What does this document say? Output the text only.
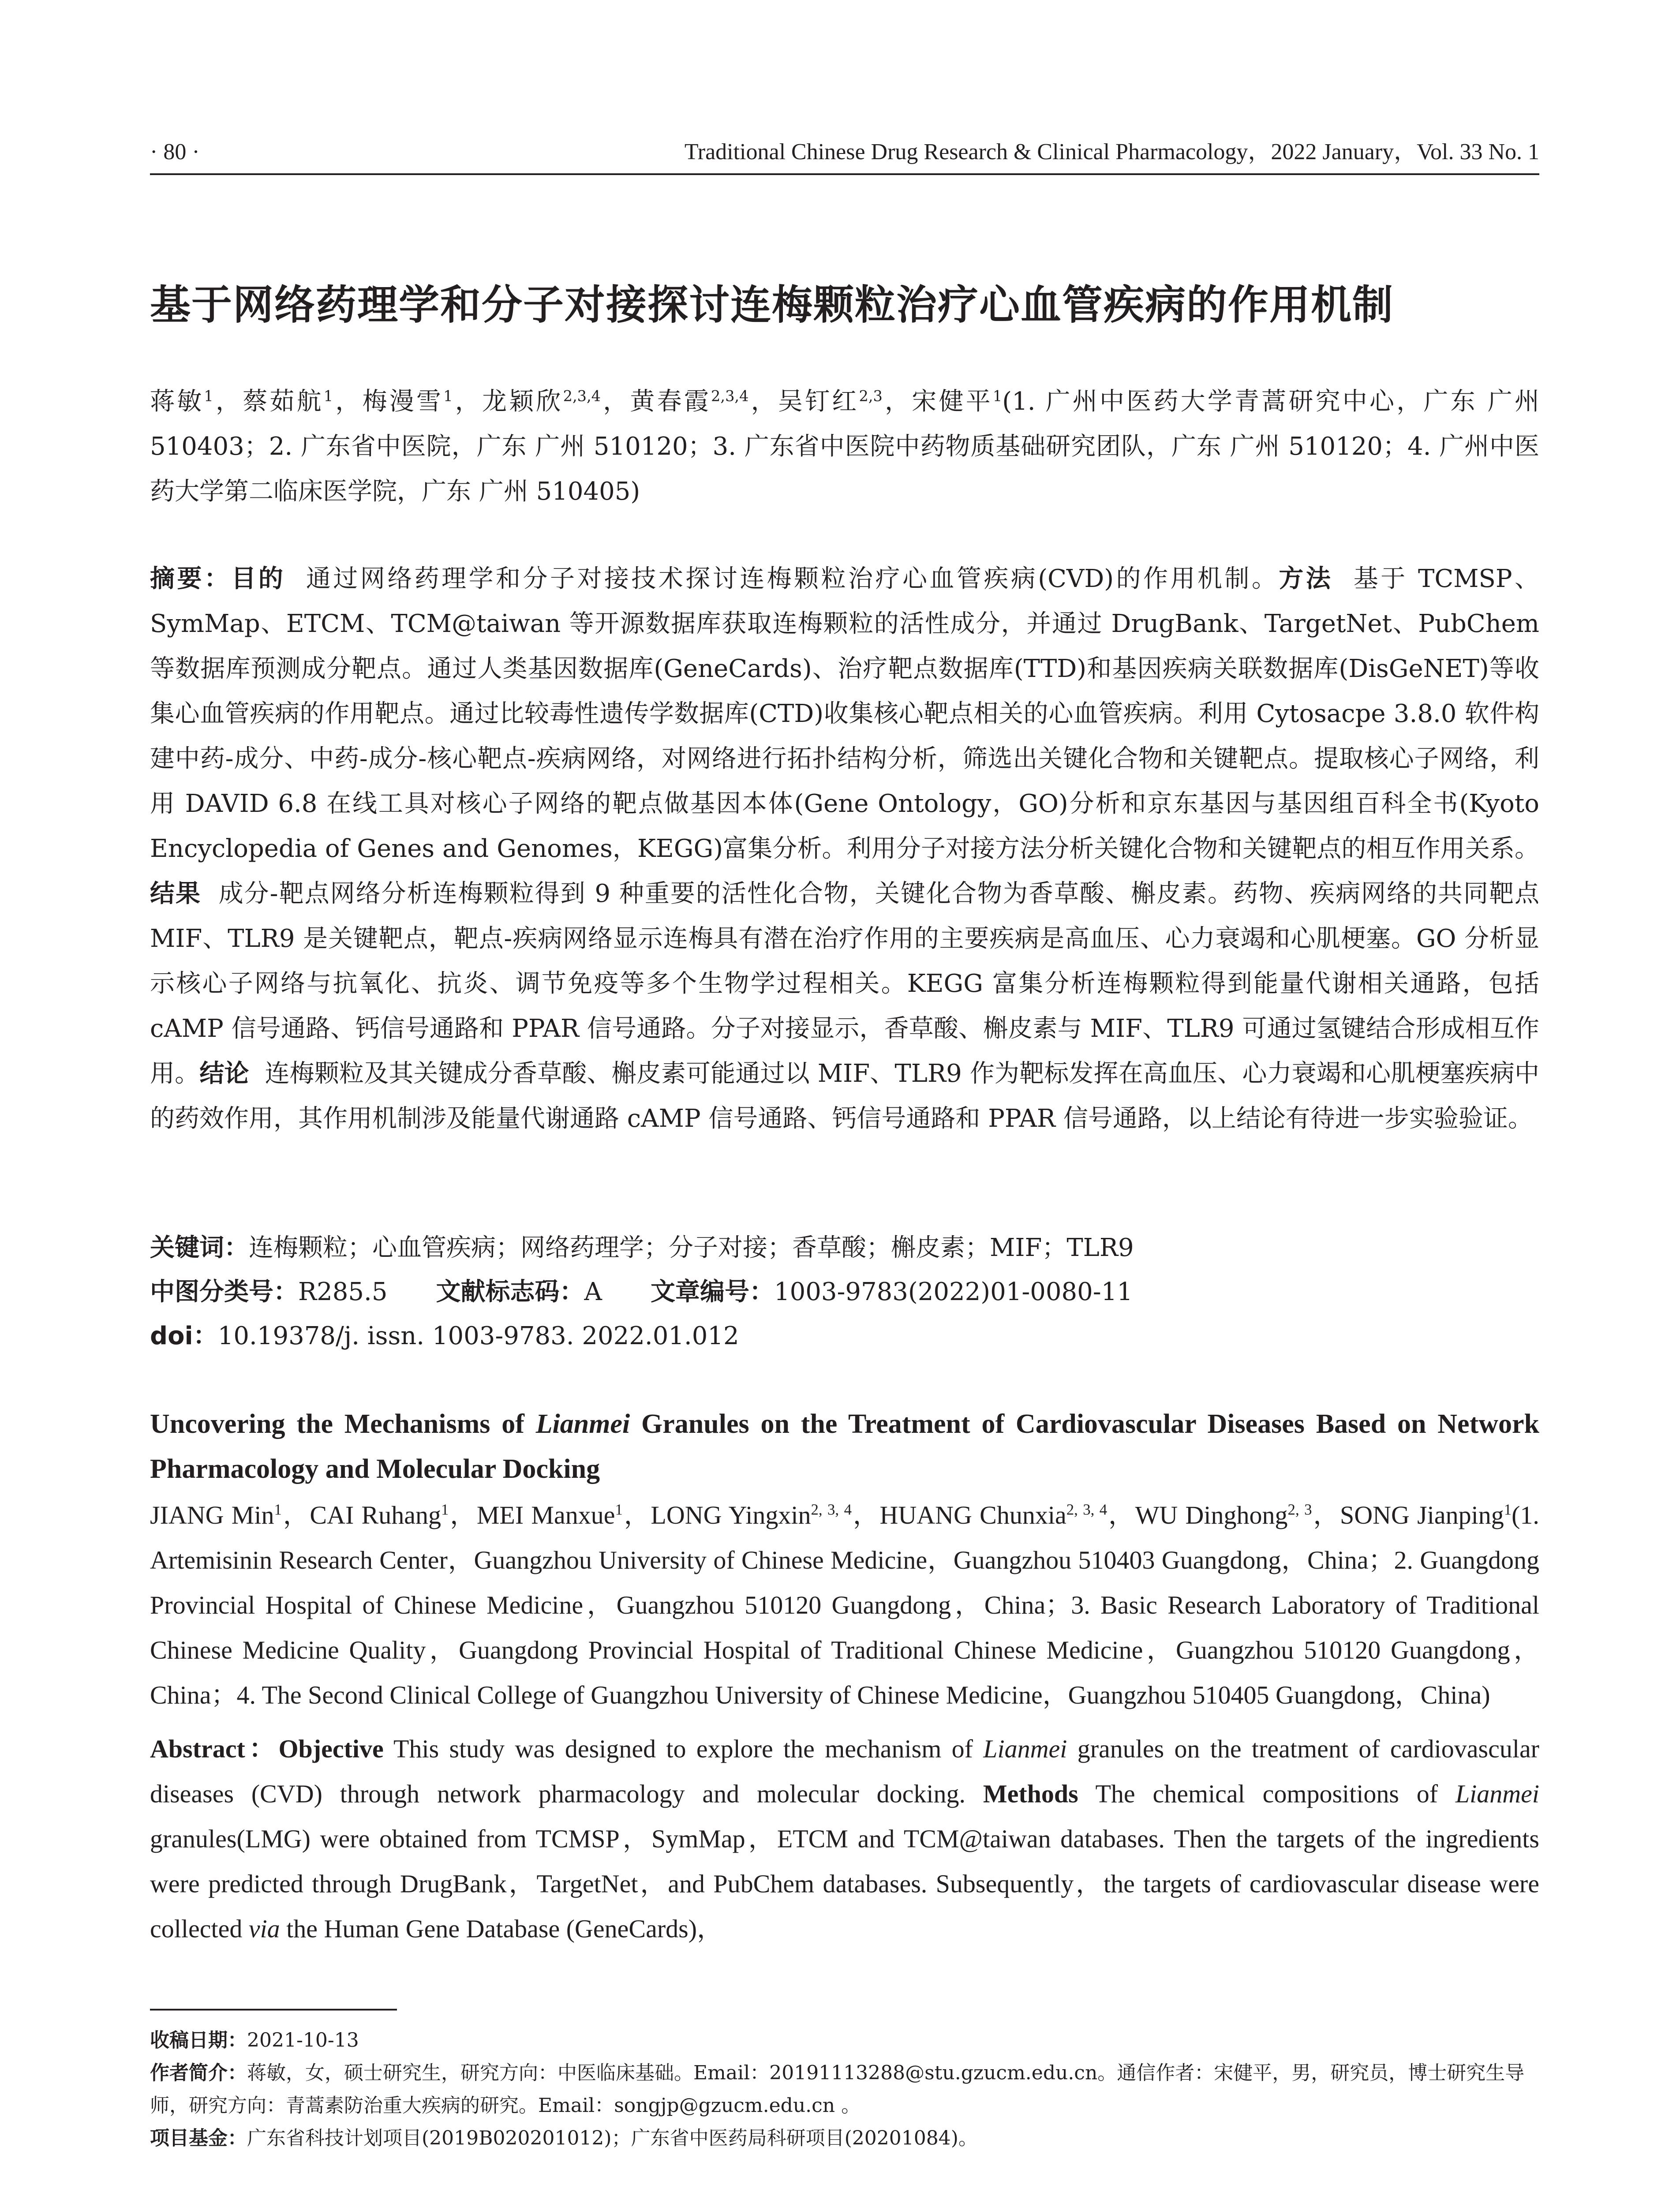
· 80 ·	Traditional Chinese Drug Research & Clinical Pharmacology，2022 January，Vol. 33 No. 1
基于网络药理学和分子对接探讨连梅颗粒治疗心血管疾病的作用机制
蒋敏$^1$，蔡茹航$^1$，梅漫雪$^1$，龙颖欣$^{2,3,4}$，黄春霞$^{2,3,4}$，吴钉红$^{2,3}$，宋健平$^1$(1. 广州中医药大学青蒿研究中心，广东 广州 510403；2. 广东省中医院，广东 广州 510120；3. 广东省中医院中药物质基础研究团队，广东 广州 510120；4. 广州中医药大学第二临床医学院，广东 广州 510405)
摘要：目的 通过网络药理学和分子对接技术探讨连梅颗粒治疗心血管疾病(CVD)的作用机制。方法 基于 TCMSP、SymMap、ETCM、TCM@taiwan 等开源数据库获取连梅颗粒的活性成分，并通过 DrugBank、TargetNet、PubChem 等数据库预测成分靶点。通过人类基因数据库(GeneCards)、治疗靶点数据库(TTD)和基因疾病关联数据库(DisGeNET)等收集心血管疾病的作用靶点。通过比较毒性遗传学数据库(CTD)收集核心靶点相关的心血管疾病。利用 Cytosacpe 3.8.0 软件构建中药-成分、中药-成分-核心靶点-疾病网络，对网络进行拓扑结构分析，筛选出关键化合物和关键靶点。提取核心子网络，利用 DAVID 6.8 在线工具对核心子网络的靶点做基因本体(Gene Ontology，GO)分析和京东基因与基因组百科全书(Kyoto Encyclopedia of Genes and Genomes，KEGG)富集分析。利用分子对接方法分析关键化合物和关键靶点的相互作用关系。结果 成分-靶点网络分析连梅颗粒得到 9 种重要的活性化合物，关键化合物为香草酸、槲皮素。药物、疾病网络的共同靶点 MIF、TLR9 是关键靶点，靶点-疾病网络显示连梅具有潜在治疗作用的主要疾病是高血压、心力衰竭和心肌梗塞。GO 分析显示核心子网络与抗氧化、抗炎、调节免疫等多个生物学过程相关。KEGG 富集分析连梅颗粒得到能量代谢相关通路，包括 cAMP 信号通路、钙信号通路和 PPAR 信号通路。分子对接显示，香草酸、槲皮素与 MIF、TLR9 可通过氢键结合形成相互作用。结论 连梅颗粒及其关键成分香草酸、槲皮素可能通过以 MIF、TLR9 作为靶标发挥在高血压、心力衰竭和心肌梗塞疾病中的药效作用，其作用机制涉及能量代谢通路 cAMP 信号通路、钙信号通路和 PPAR 信号通路，以上结论有待进一步实验验证。
关键词：连梅颗粒；心血管疾病；网络药理学；分子对接；香草酸；槲皮素；MIF；TLR9
中图分类号：R285.5 文献标志码：A 文章编号：1003-9783(2022)01-0080-11
doi：10.19378/j. issn. 1003-9783. 2022.01.012
Uncovering the Mechanisms of Lianmei Granules on the Treatment of Cardiovascular Diseases Based on Network Pharmacology and Molecular Docking
JIANG Min$^1$，CAI Ruhang$^1$，MEI Manxue$^1$，LONG Yingxin$^{2, 3, 4}$，HUANG Chunxia$^{2, 3, 4}$，WU Dinghong$^{2, 3}$，SONG Jianping$^1$(1. Artemisinin Research Center，Guangzhou University of Chinese Medicine，Guangzhou 510403 Guangdong，China；2. Guangdong Provincial Hospital of Chinese Medicine，Guangzhou 510120 Guangdong，China；3. Basic Research Laboratory of Traditional Chinese Medicine Quality，Guangdong Provincial Hospital of Traditional Chinese Medicine，Guangzhou 510120 Guangdong，China；4. The Second Clinical College of Guangzhou University of Chinese Medicine，Guangzhou 510405 Guangdong，China)
Abstract：Objective This study was designed to explore the mechanism of Lianmei granules on the treatment of cardiovascular diseases (CVD) through network pharmacology and molecular docking. Methods The chemical compositions of Lianmei granules(LMG) were obtained from TCMSP，SymMap，ETCM and TCM@taiwan databases. Then the targets of the ingredients were predicted through DrugBank，TargetNet，and PubChem databases. Subsequently，the targets of cardiovascular disease were collected via the Human Gene Database (GeneCards)，

收稿日期：2021-10-13

作者简介：蒋敏，女，硕士研究生，研究方向：中医临床基础。Email：20191113288@stu.gzucm.edu.cn。通信作者：宋健平，男，研究员，博士研究生导师，研究方向：青蒿素防治重大疾病的研究。Email：songjp@gzucm.edu.cn 。

项目基金：广东省科技计划项目(2019B020201012)；广东省中医药局科研项目(20201084)。
